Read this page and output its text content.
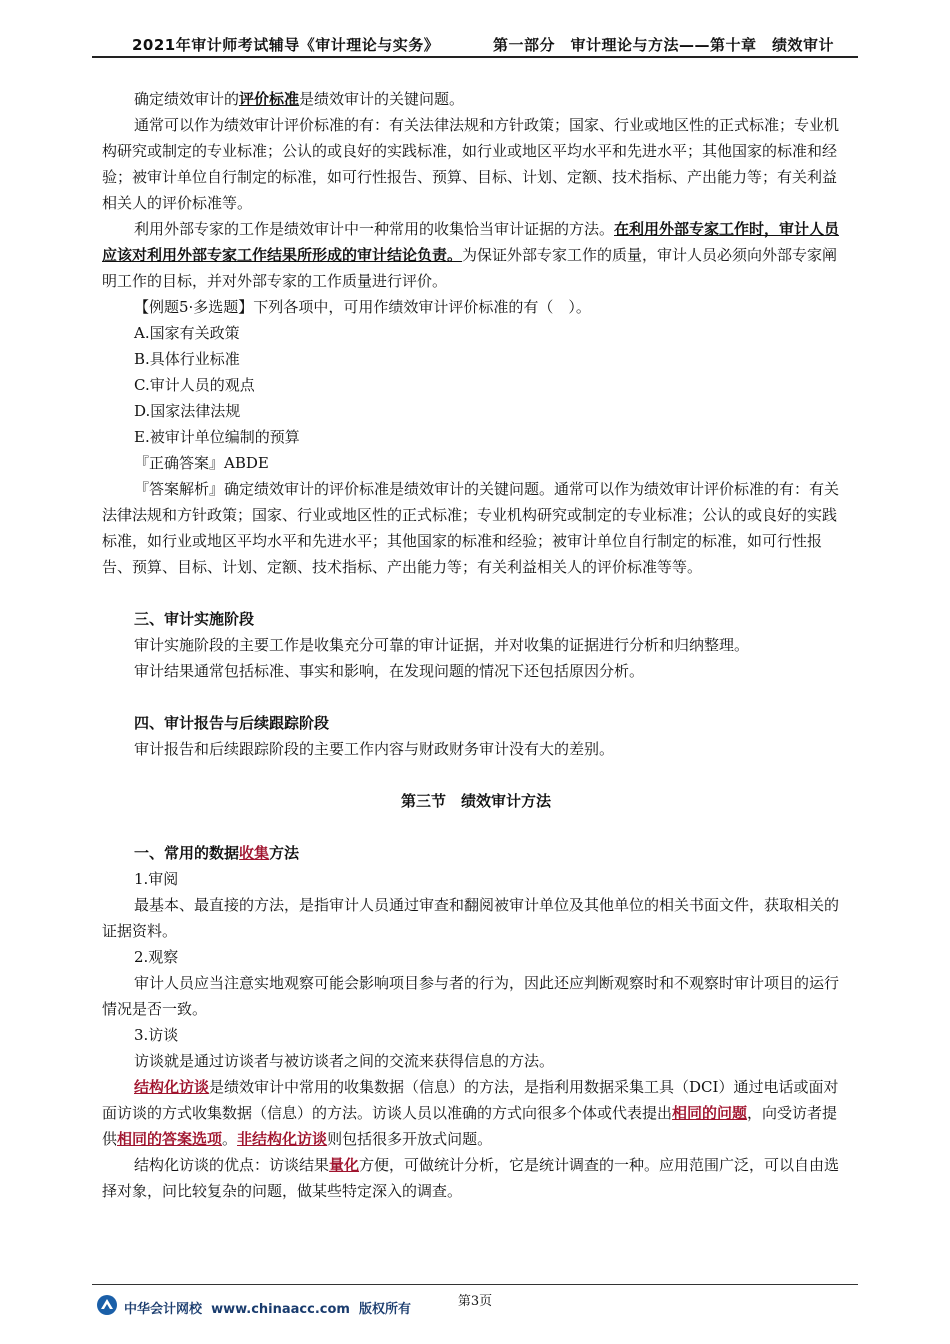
2021年审计师考试辅导《审计理论与实务》	第一部分　审计理论与方法——第十章　绩效审计

确定绩效审计的评价标准是绩效审计的关键问题。

通常可以作为绩效审计评价标准的有：有关法律法规和方针政策；国家、行业或地区性的正式标准；专业机构研究或制定的专业标准；公认的或良好的实践标准，如行业或地区平均水平和先进水平；其他国家的标准和经验；被审计单位自行制定的标准，如可行性报告、预算、目标、计划、定额、技术指标、产出能力等；有关利益相关人的评价标准等。

利用外部专家的工作是绩效审计中一种常用的收集恰当审计证据的方法。在利用外部专家工作时，审计人员应该对利用外部专家工作结果所形成的审计结论负责。为保证外部专家工作的质量，审计人员必须向外部专家阐明工作的目标，并对外部专家的工作质量进行评价。

【例题5·多选题】下列各项中，可用作绩效审计评价标准的有（　）。

A.国家有关政策

B.具体行业标准

C.审计人员的观点

D.国家法律法规

E.被审计单位编制的预算

『正确答案』ABDE

『答案解析』确定绩效审计的评价标准是绩效审计的关键问题。通常可以作为绩效审计评价标准的有：有关法律法规和方针政策；国家、行业或地区性的正式标准；专业机构研究或制定的专业标准；公认的或良好的实践标准，如行业或地区平均水平和先进水平；其他国家的标准和经验；被审计单位自行制定的标准，如可行性报告、预算、目标、计划、定额、技术指标、产出能力等；有关利益相关人的评价标准等等。

三、审计实施阶段

审计实施阶段的主要工作是收集充分可靠的审计证据，并对收集的证据进行分析和归纳整理。

审计结果通常包括标准、事实和影响，在发现问题的情况下还包括原因分析。

四、审计报告与后续跟踪阶段

审计报告和后续跟踪阶段的主要工作内容与财政财务审计没有大的差别。

第三节　绩效审计方法
一、常用的数据收集方法

1.审阅

最基本、最直接的方法，是指审计人员通过审查和翻阅被审计单位及其他单位的相关书面文件，获取相关的证据资料。

2.观察

审计人员应当注意实地观察可能会影响项目参与者的行为，因此还应判断观察时和不观察时审计项目的运行情况是否一致。

3.访谈

访谈就是通过访谈者与被访谈者之间的交流来获得信息的方法。

结构化访谈是绩效审计中常用的收集数据（信息）的方法，是指利用数据采集工具（DCI）通过电话或面对面访谈的方式收集数据（信息）的方法。访谈人员以准确的方式向很多个体或代表提出相同的问题，向受访者提供相同的答案选项。非结构化访谈则包括很多开放式问题。

结构化访谈的优点：访谈结果量化方便，可做统计分析，它是统计调查的一种。应用范围广泛，可以自由选择对象，问比较复杂的问题，做某些特定深入的调查。

第3页
中华会计网校 www.chinaacc.com 版权所有
